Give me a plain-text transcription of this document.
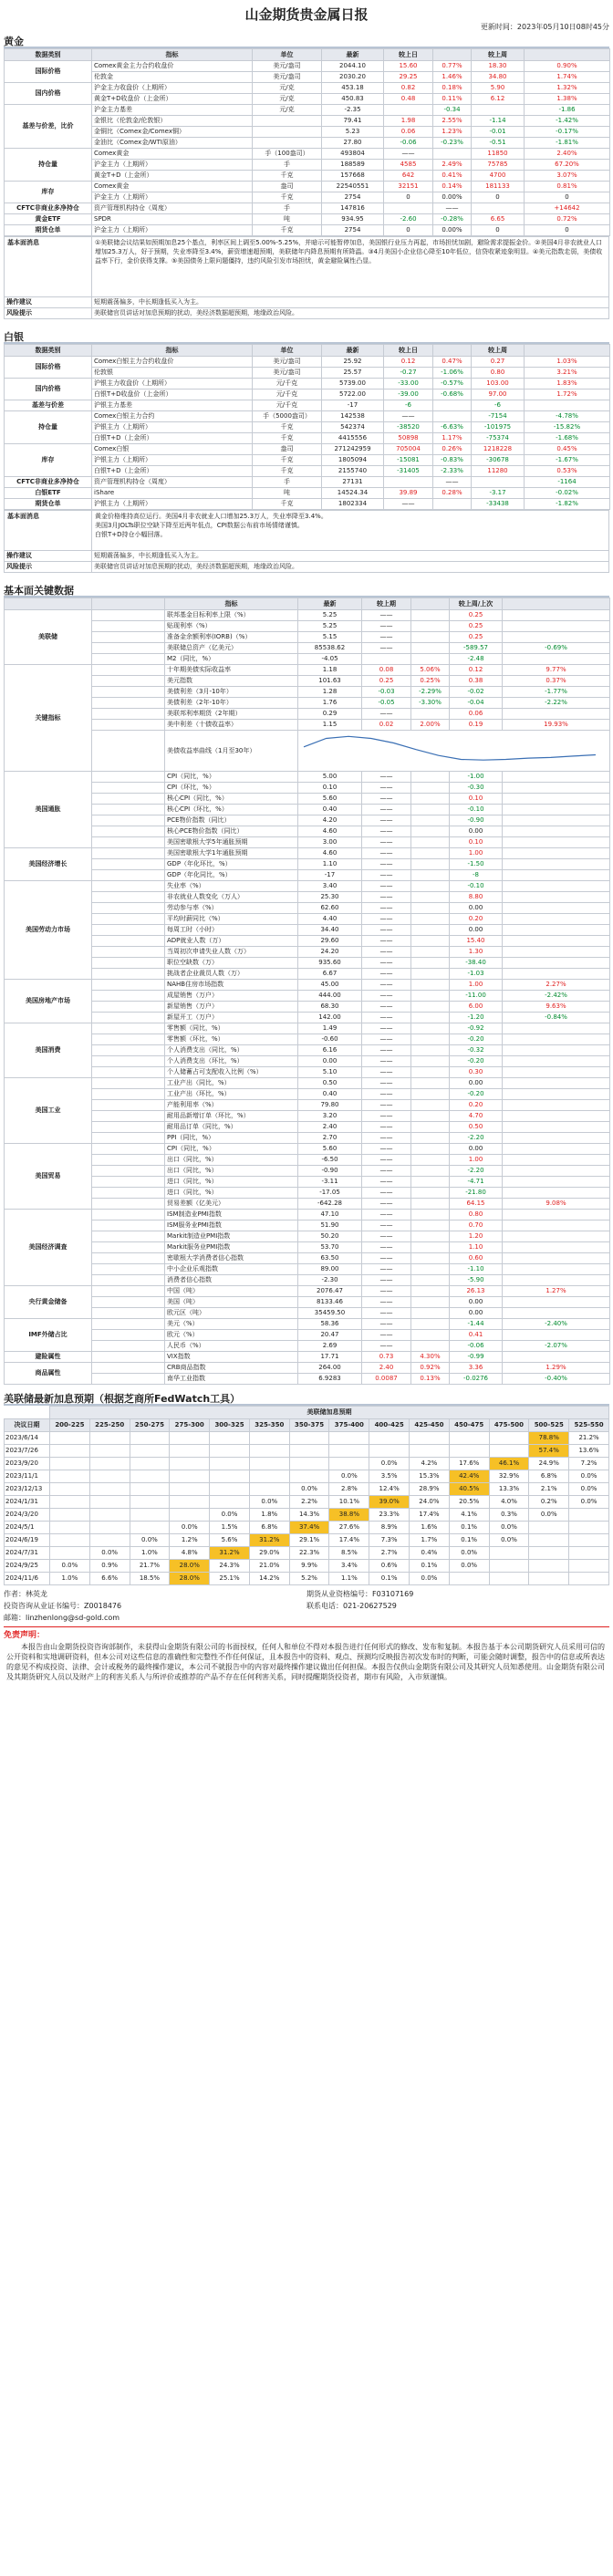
山金期货贵金属日报
更新时间：2023年05月10日08时45分
黄金
数据类别	指标	单位	最新	较上日		较上周	
国际价格	Comex黄金主力合约收盘价	美元/盎司	2044.10	15.60	0.77%	18.30	0.90%
	伦敦金	美元/盎司	2030.20	29.25	1.46%	34.80	1.74%
国内价格	沪金主力收盘价（上期所）	元/克	453.18	0.82	0.18%	5.90	1.32%
	黄金T+D收盘价（上金所）	元/克	450.83	0.48	0.11%	6.12	1.38%
基差与价差，比价	沪金主力基差	元/克	-2.35		-0.34		-1.86
	金银比（伦敦金/伦敦银）		79.41	1.98	2.55%	-1.14	-1.42%
	金铜比（Comex金/Comex铜）		5.23	0.06	1.23%	-0.01	-0.17%
	金油比（Comex金/WTI原油）		27.80	-0.06	-0.23%	-0.51	-1.81%
持仓量	Comex黄金	手（100盎司）	493804	——		11850	2.40%
	沪金主力（上期所）	手	188589	4585	2.49%	75785	67.20%
	黄金T+D（上金所）	千克	157668	642	0.41%	4700	3.07%
库存	Comex黄金	盎司	22540551	32151	0.14%	181133	0.81%
	沪金主力（上期所）	千克	2754	0	0.00%	0	0
CFTC非商业多净持仓	资产管理机构持仓（周度）	手	147816		——		+14642
黄金ETF	SPDR	吨	934.95	-2.60	-0.28%	6.65	0.72%
期货仓单	沪金主力（上期所）	千克	2754	0	0.00%	0	0
基本面消息	①美联储会议结果如预期加息25个基点，利率区间上调至5.00%-5.25%，并暗示可能暂停加息，美国银行业压力再起，市场担忧加剧，避险需求提振金价。②美国4月非农就业人口增加25.3万人，好于预期，失业率降至3.4%，薪资增速超预期，美联储年内降息预期有所降温。③4月美国小企业信心降至10年低位，信贷收紧迹象明显。④美元指数走弱，美债收益率下行，金价获得支撑。⑤美国债务上限问题僵持，违约风险引发市场担忧，黄金避险属性凸显。
操作建议	短期震荡偏多，中长期逢低买入为主。
风险提示	美联储官员讲话对加息预期的扰动，美经济数据超预期，地缘政治风险。
白银
数据类别	指标	单位	最新	较上日		较上周	
国际价格	Comex白银主力合约收盘价	美元/盎司	25.92	0.12	0.47%	0.27	1.03%
	伦敦银	美元/盎司	25.57	-0.27	-1.06%	0.80	3.21%
国内价格	沪银主力收盘价（上期所）	元/千克	5739.00	-33.00	-0.57%	103.00	1.83%
	白银T+D收盘价（上金所）	元/千克	5722.00	-39.00	-0.68%	97.00	1.72%
基差与价差	沪银主力基差	元/千克	-17	-6		-6	
持仓量	Comex白银主力合约	手（5000盎司）	142538	——		-7154	-4.78%
	沪银主力（上期所）	千克	542374	-38520	-6.63%	-101975	-15.82%
	白银T+D（上金所）	千克	4415556	50898	1.17%	-75374	-1.68%
库存	Comex白银	盎司	271242959	705004	0.26%	1218228	0.45%
	沪银主力（上期所）	千克	1805094	-15081	-0.83%	-30678	-1.67%
	白银T+D（上金所）	千克	2155740	-31405	-2.33%	11280	0.53%
CFTC非商业多净持仓	资产管理机构持仓（周度）	手	27131		——		-1164
白银ETF	iShare	吨	14524.34	39.89	0.28%	-3.17	-0.02%
期货仓单	沪银主力（上期所）	千克	1802334	——		-33438	-1.82%
基本面消息	黄金价格维持高位运行。美国4月非农就业人口增加25.3万人，失业率降至3.4%。
美国3月JOLTs职位空缺下降至近两年低点，CPI数据公布前市场情绪谨慎。
白银T+D持仓小幅回落。
操作建议	短期震荡偏多，中长期逢低买入为主。
风险提示	美联储官员讲话对加息预期的扰动，美经济数据超预期，地缘政治风险。
基本面关键数据
		指标	最新	较上期		较上周/上次		
美联储		联邦基金目标利率上限（%）	5.25	——		0.25		
		贴现利率（%）	5.25	——		0.25		
		准备金余额利率(IORB)（%）	5.15	——		0.25		
		美联储总资产（亿美元）	85538.62	——		-589.57	-0.69%	
		M2（同比，%）	-4.05			-2.48		
关键指标		十年期美债实际收益率	1.18	0.08	5.06%	0.12	9.77%	
		美元指数	101.63	0.25	0.25%	0.38	0.37%	
		美债利差（3月-10年）	1.28	-0.03	-2.29%	-0.02	-1.77%	
		美债利差（2年-10年）	1.76	-0.05	-3.30%	-0.04	-2.22%	
		美联邦利率期货（2年期）	0.29	——		0.06		
		美中利差（十债收益率）	1.15	0.02	2.00%	0.19	19.93%	
		美债收益率曲线（1月至30年）	
美国通胀		CPI（同比，%）	5.00	——		-1.00		
		CPI（环比，%）	0.10	——		-0.30		
		核心CPI（同比，%）	5.60	——		0.10		
		核心CPI（环比，%）	0.40	——		-0.10		
		PCE物价指数（同比）	4.20	——		-0.90		
		核心PCE物价指数（同比）	4.60	——		0.00		
		美国密歇根大学5年通胀预期	3.00	——		0.10		
美国经济增长		美国密歇根大学1年通胀预期	4.60	——		1.00		
		GDP（年化环比，%）	1.10	——		-1.50		
		GDP（年化同比，%）	-17	——		-8		
美国劳动力市场		失业率（%）	3.40	——		-0.10		
		非农就业人数变化（万人）	25.30	——		8.80		
		劳动参与率（%）	62.60	——		0.00		
		平均时薪同比（%）	4.40	——		0.20		
		每周工时（小时）	34.40	——		0.00		
		ADP就业人数（万）	29.60	——		15.40		
		当周初次申请失业人数（万）	24.20	——		1.30		
		职位空缺数（万）	935.60	——		-38.40		
		挑战者企业裁员人数（万）	6.67	——		-1.03		
美国房地产市场		NAHB住房市场指数	45.00	——		1.00	2.27%	
		成屋销售（万户）	444.00	——		-11.00	-2.42%	
		新屋销售（万户）	68.30	——		6.00	9.63%	
		新屋开工（万户）	142.00	——		-1.20	-0.84%	
美国消费		零售额（同比，%）	1.49	——		-0.92		
		零售额（环比，%）	-0.60	——		-0.20		
		个人消费支出（同比，%）	6.16	——		-0.32		
		个人消费支出（环比，%）	0.00	——		-0.20		
		个人储蓄占可支配收入比例（%）	5.10	——		0.30		
美国工业		工业产出（同比，%）	0.50	——		0.00		
		工业产出（环比，%）	0.40	——		-0.20		
		产能利用率（%）	79.80	——		0.20		
		耐用品新增订单（环比，%）	3.20	——		4.70		
		耐用品订单（同比，%）	2.40	——		0.50		
		PPI（同比，%）	2.70	——		-2.20		
美国贸易		CPI（同比，%）	5.60	——		0.00		
		出口（同比，%）	-6.50	——		1.00		
		出口（同比，%）	-0.90	——		-2.20		
		进口（同比，%）	-3.11	——		-4.71		
		进口（同比，%）	-17.05	——		-21.80		
		贸易差额（亿美元）	-642.28	——		64.15	9.08%	
美国经济调查		ISM制造业PMI指数	47.10	——		0.80		
		ISM服务业PMI指数	51.90	——		0.70		
		Markit制造业PMI指数	50.20	——		1.20		
		Markit服务业PMI指数	53.70	——		1.10		
		密歇根大学消费者信心指数	63.50	——		0.60		
		中小企业乐观指数	89.00	——		-1.10		
		消费者信心指数	-2.30	——		-5.90		
央行黄金储备		中国（吨）	2076.47	——		26.13	1.27%	
		美国（吨）	8133.46	——		0.00		
		欧元区（吨）	35459.50	——		0.00		
IMF外储占比		美元（%）	58.36	——		-1.44	-2.40%	
		欧元（%）	20.47	——		0.41		
		人民币（%）	2.69	——		-0.06	-2.07%	
避险属性		VIX指数	17.71	0.73	4.30%	-0.99		
商品属性		CRB商品指数	264.00	2.40	0.92%	3.36	1.29%	
		南华工业指数	6.9283	0.0087	0.13%	-0.0276	-0.40%	
美联储最新加息预期（根据芝商所FedWatch工具）
	美联储加息预期													
决议日期	200-225	225-250	250-275	275-300	300-325	325-350	350-375	375-400	400-425	425-450	450-475	475-500	500-525	525-550
2023/6/14													78.8%	21.2%
2023/7/26													57.4%	13.6%
2023/9/20									0.0%	4.2%	17.6%	46.1%	24.9%	7.2%
2023/11/1								0.0%	3.5%	15.3%	42.4%	32.9%	6.8%	0.0%
2023/12/13							0.0%	2.8%	12.4%	28.9%	40.5%	13.3%	2.1%	0.0%
2024/1/31						0.0%	2.2%	10.1%	39.0%	24.0%	20.5%	4.0%	0.2%	0.0%
2024/3/20					0.0%	1.8%	14.3%	38.8%	23.3%	17.4%	4.1%	0.3%	0.0%	
2024/5/1				0.0%	1.5%	6.8%	37.4%	27.6%	8.9%	1.6%	0.1%	0.0%		
2024/6/19			0.0%	1.2%	5.6%	31.2%	29.1%	17.4%	7.3%	1.7%	0.1%	0.0%		
2024/7/31		0.0%	1.0%	4.8%	31.2%	29.0%	22.3%	8.5%	2.7%	0.4%	0.0%			
2024/9/25	0.0%	0.9%	21.7%	28.0%	24.3%	21.0%	9.9%	3.4%	0.6%	0.1%	0.0%			
2024/11/6	1.0%	6.6%	18.5%	28.0%	25.1%	14.2%	5.2%	1.1%	0.1%	0.0%				
作者：林英龙	期货从业资格编号：F03107169
投资咨询从业证书编号：Z0018476	联系电话：021-20627529
邮箱：linzhenlong@sd-gold.com
免责声明：
本报告由山金期货投资咨询部制作，未获得山金期货有限公司的书面授权，任何人和单位不得对本报告进行任何形式的修改、发布和复制。本报告基于本公司期货研究人员采用可信的公开资料和实地调研资料，但本公司对这些信息的准确性和完整性不作任何保证，且本报告中的资料、观点、预测均反映报告初次发布时的判断，可能会随时调整，报告中的信息或所表达的意见不构成投资、法律、会计或税务的最终操作建议，本公司不就报告中的内容对最终操作建议做出任何担保。本报告仅供山金期货有限公司及其研究人员知悉使用。山金期货有限公司及其期货研究人员以及财产上的利害关系人与所评价或推荐的产品不存在任何利害关系，同时提醒期货投资者，期市有风险，入市须谨慎。
